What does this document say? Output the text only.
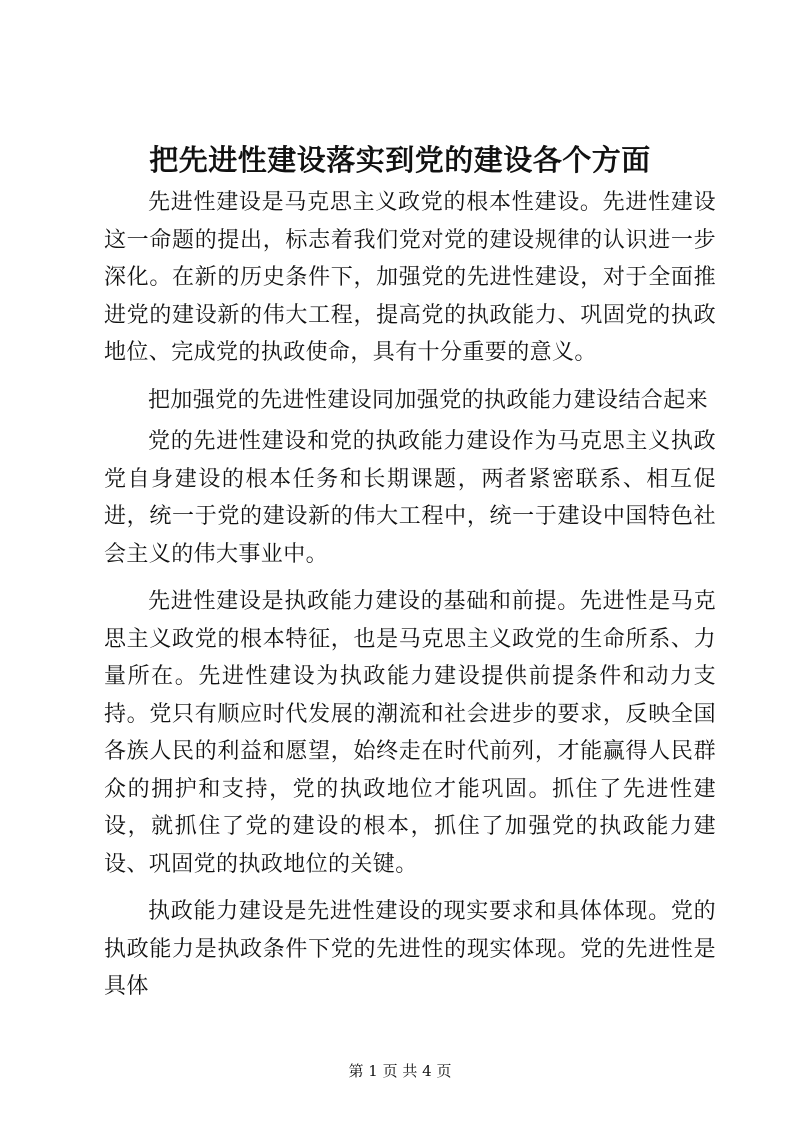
把先进性建设落实到党的建设各个方面

先进性建设是马克思主义政党的根本性建设。先进性建设这一命题的提出，标志着我们党对党的建设规律的认识进一步深化。在新的历史条件下，加强党的先进性建设，对于全面推进党的建设新的伟大工程，提高党的执政能力、巩固党的执政地位、完成党的执政使命，具有十分重要的意义。

把加强党的先进性建设同加强党的执政能力建设结合起来

党的先进性建设和党的执政能力建设作为马克思主义执政党自身建设的根本任务和长期课题，两者紧密联系、相互促进，统一于党的建设新的伟大工程中，统一于建设中国特色社会主义的伟大事业中。

先进性建设是执政能力建设的基础和前提。先进性是马克思主义政党的根本特征，也是马克思主义政党的生命所系、力量所在。先进性建设为执政能力建设提供前提条件和动力支持。党只有顺应时代发展的潮流和社会进步的要求，反映全国各族人民的利益和愿望，始终走在时代前列，才能赢得人民群众的拥护和支持，党的执政地位才能巩固。抓住了先进性建设，就抓住了党的建设的根本，抓住了加强党的执政能力建设、巩固党的执政地位的关键。

执政能力建设是先进性建设的现实要求和具体体现。党的执政能力是执政条件下党的先进性的现实体现。党的先进性是具体

第 1 页 共 4 页
